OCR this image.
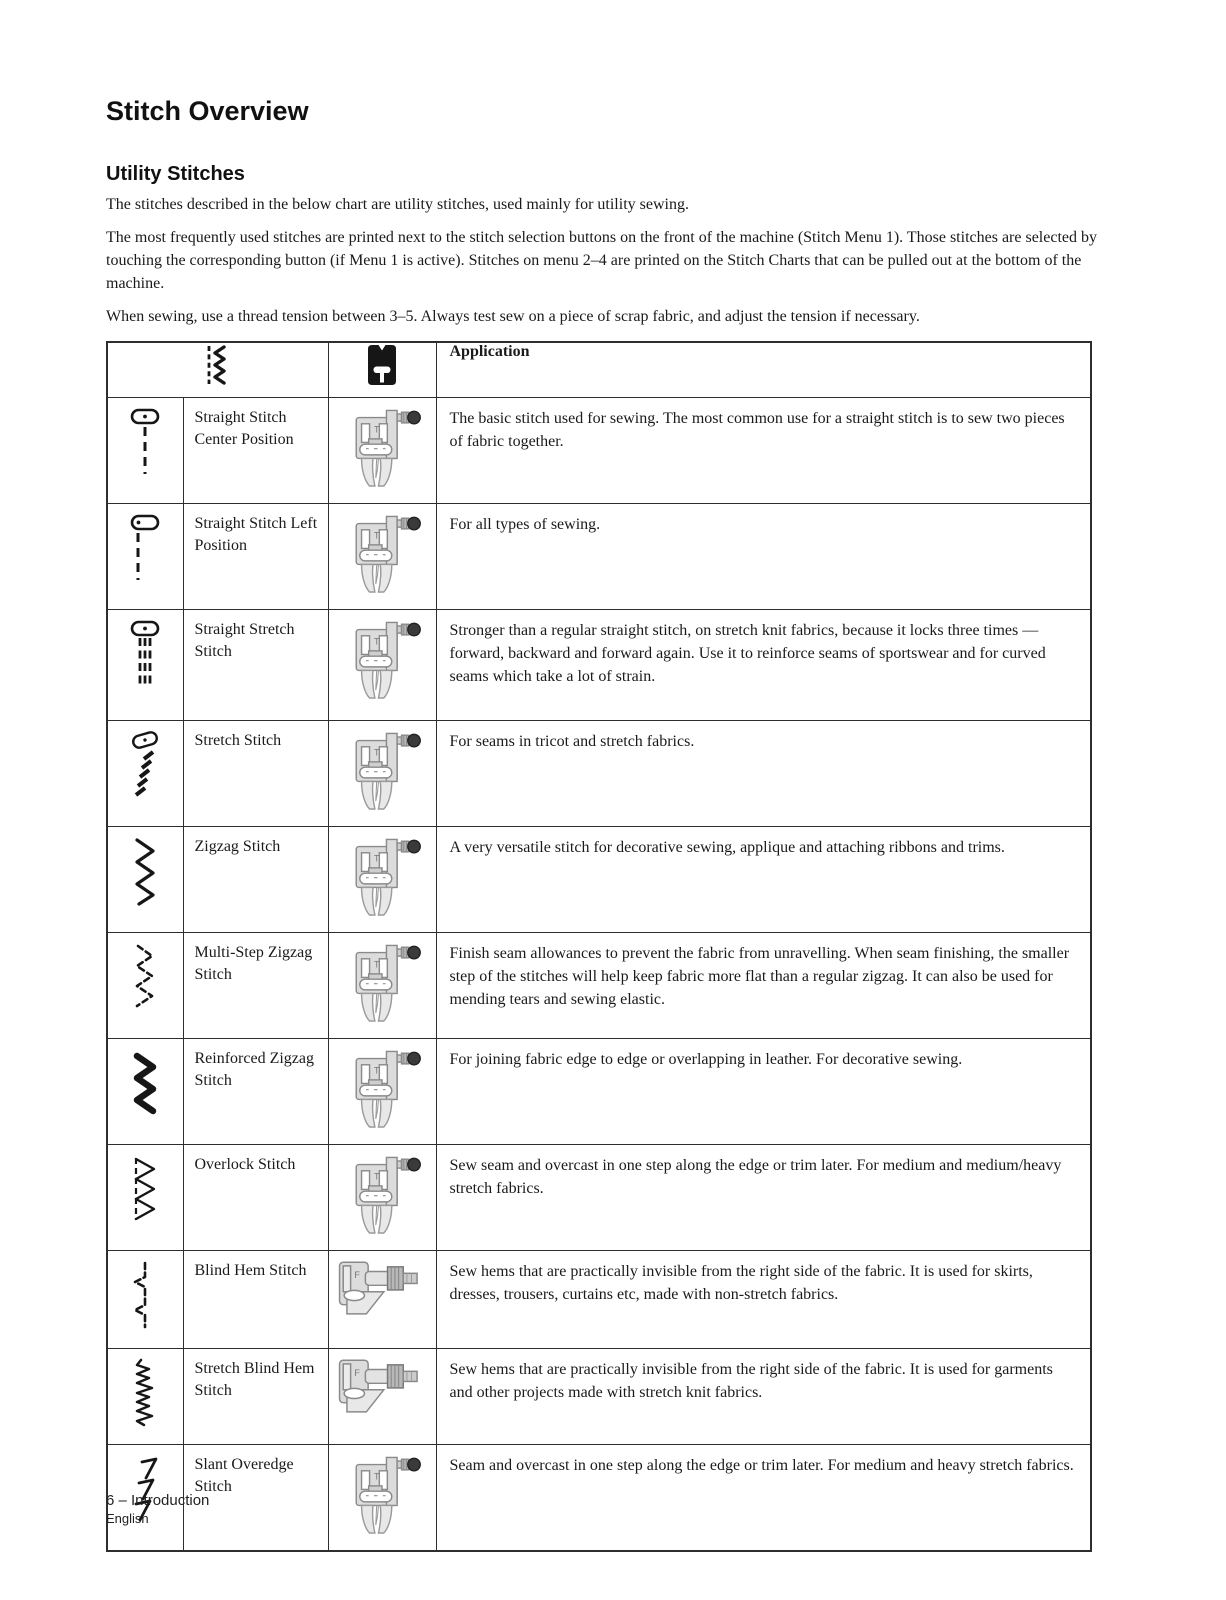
Stitch Overview
Utility Stitches

The stitches described in the below chart are utility stitches, used mainly for utility sewing.

The most frequently used stitches are printed next to the stitch selection buttons on the front of the machine (Stitch Menu 1). Those stitches are selected by touching the corresponding button (if Menu 1 is active). Stitches on menu 2–4 are printed on the Stitch Charts that can be pulled out at the bottom of the machine.

When sewing, use a thread tension between 3–5. Always test sew on a piece of scrap fabric, and adjust the tension if necessary.

		Application
	Straight Stitch Center Position	T	The basic stitch used for sewing. The most common use for a straight stitch is to sew two pieces of fabric together.
	Straight Stitch Left Position	T	For all types of sewing.
	Straight Stretch Stitch	T	Stronger than a regular straight stitch, on stretch knit fabrics, because it locks three times — forward, backward and forward again. Use it to reinforce seams of sportswear and for curved seams which take a lot of strain.
	Stretch Stitch	T	For seams in tricot and stretch fabrics.
	Zigzag Stitch	T	A very versatile stitch for decorative sewing, applique and attaching ribbons and trims.
	Multi-Step Zigzag Stitch	T	Finish seam allowances to prevent the fabric from unravelling. When seam finishing, the smaller step of the stitches will help keep fabric more flat than a regular zigzag. It can also be used for mending tears and sewing elastic.
	Reinforced Zigzag Stitch	T	For joining fabric edge to edge or overlapping in leather. For decorative sewing.
	Overlock Stitch	T	Sew seam and overcast in one step along the edge or trim later. For medium and medium/heavy stretch fabrics.
	Blind Hem Stitch	F	Sew hems that are practically invisible from the right side of the fabric. It is used for skirts, dresses, trousers, curtains etc, made with non-stretch fabrics.
	Stretch Blind Hem Stitch	F	Sew hems that are practically invisible from the right side of the fabric. It is used for garments and other projects made with stretch knit fabrics.
	Slant Overedge Stitch	T	Seam and overcast in one step along the edge or trim later. For medium and heavy stretch fabrics.
6 – Introduction
English
